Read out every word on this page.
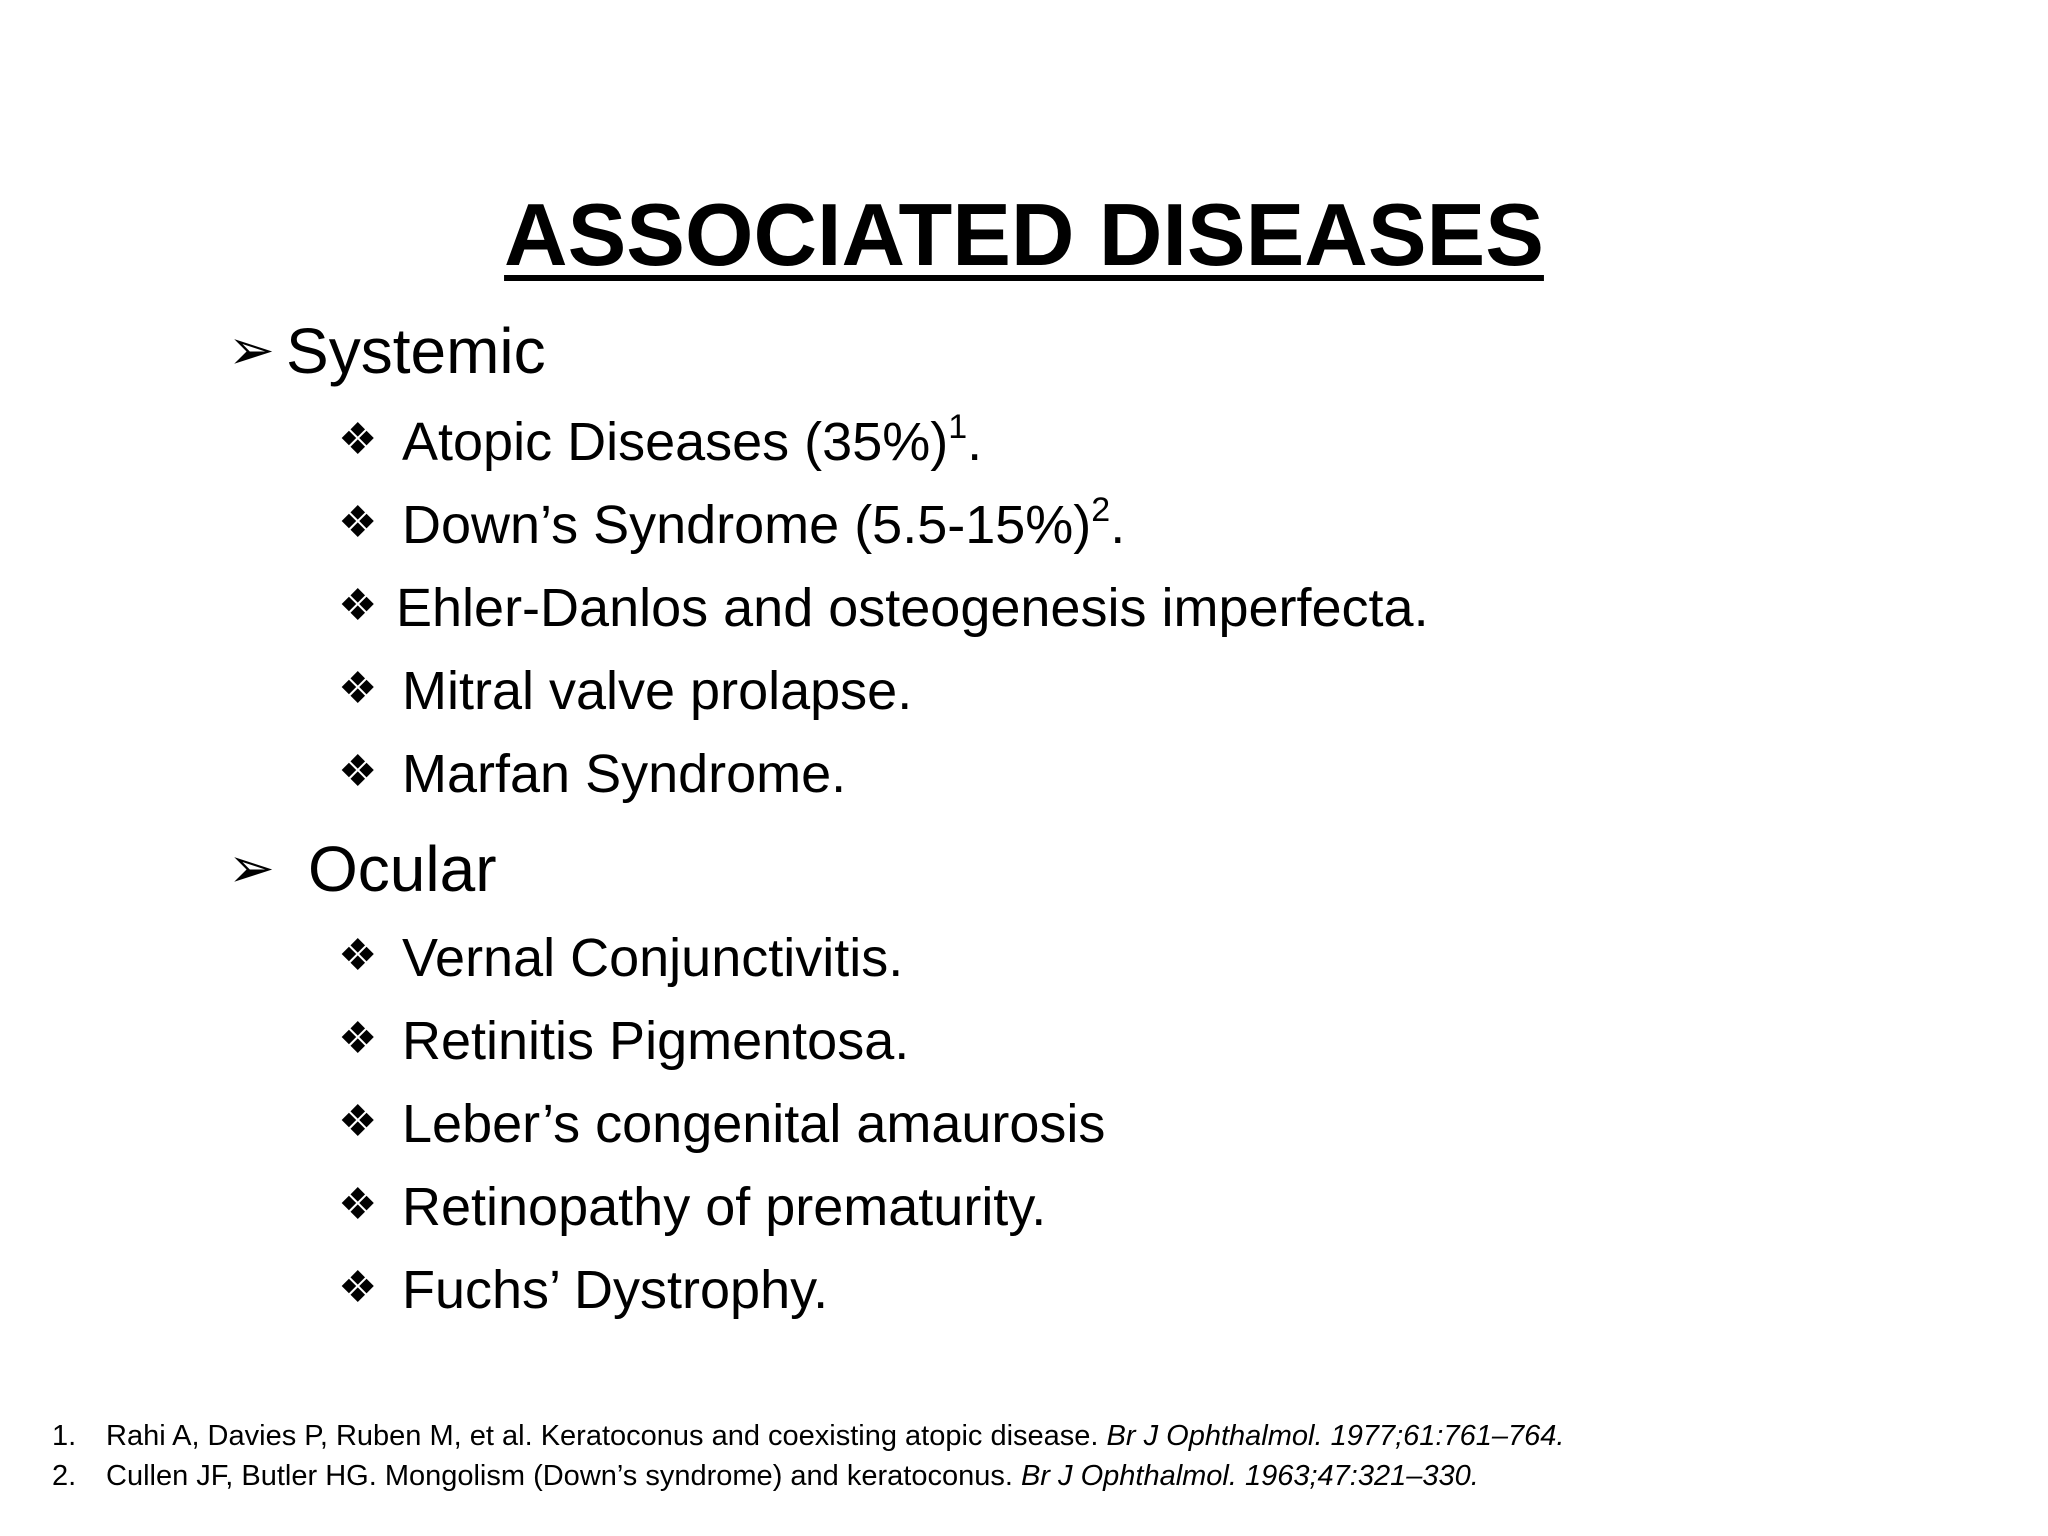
ASSOCIATED DISEASES
➢ Systemic
❖ Atopic Diseases $(35\%)^1$.
❖ Down’s Syndrome $(5.5-15\%)^2$.
❖ Ehler-Danlos and osteogenesis imperfecta.
❖ Mitral valve prolapse.
❖ Marfan Syndrome.
➢ Ocular
❖ Vernal Conjunctivitis.
❖ Retinitis Pigmentosa.
❖ Leber’s congenital amaurosis
❖ Retinopathy of prematurity.
❖ Fuchs’ Dystrophy.
1. Rahi A, Davies P, Ruben M, et al. Keratoconus and coexisting atopic disease. Br J Ophthalmol. 1977;61:761–764.
2. Cullen JF, Butler HG. Mongolism (Down’s syndrome) and keratoconus. Br J Ophthalmol. 1963;47:321–330.
